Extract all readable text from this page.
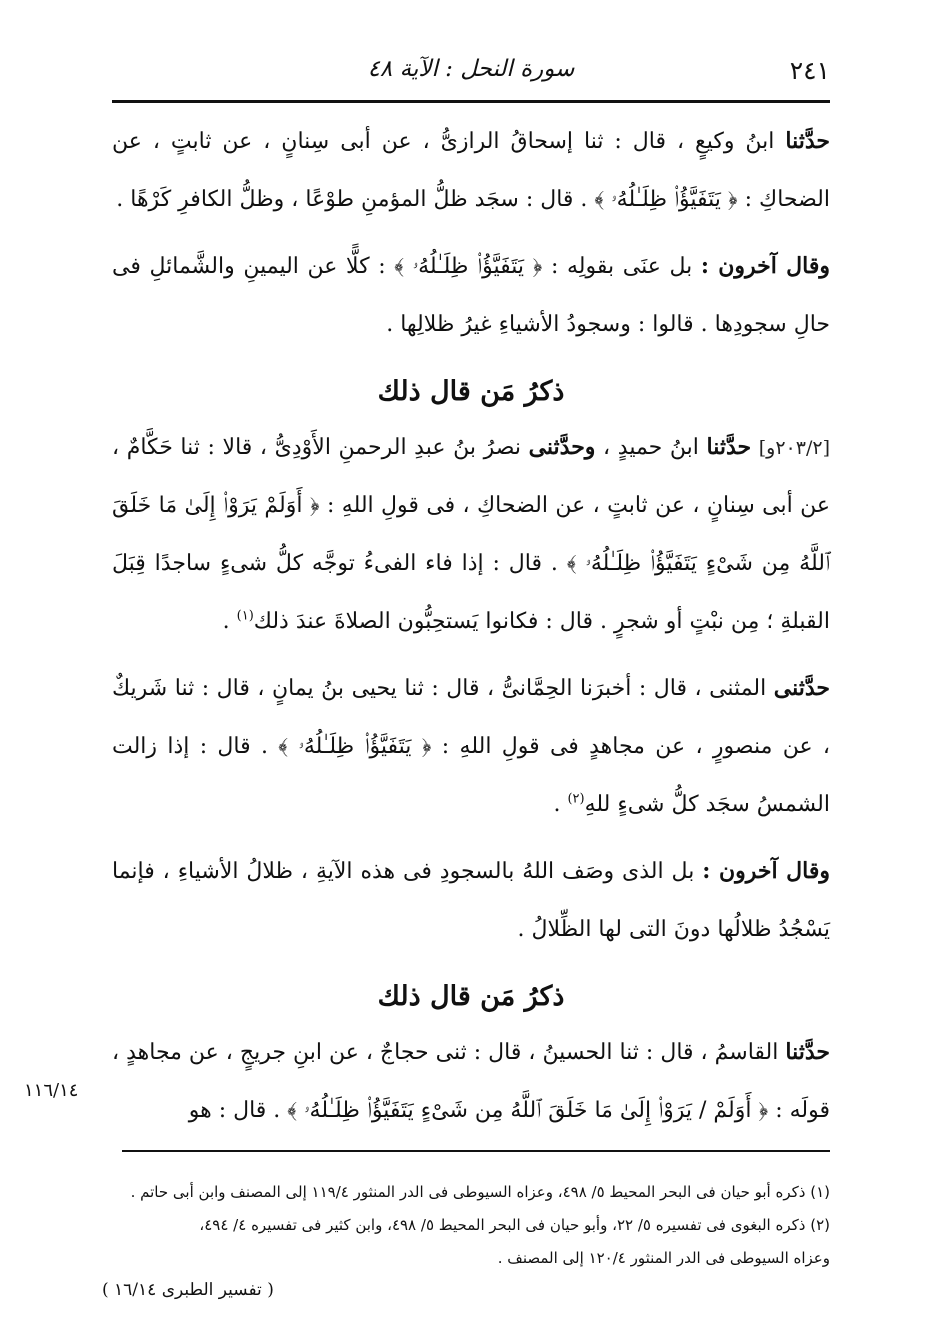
٢٤١
سورة النحل : الآية ٤٨

حدَّثنا ابنُ وكيعٍ ، قال : ثنا إسحاقُ الرازىُّ ، عن أبى سِنانٍ ، عن ثابتٍ ، عن الضحاكِ : ﴿ يَتَفَيَّؤُا۟ ظِلَـٰلُهُۥ ﴾ . قال : سجَد ظلُّ المؤمنِ طوْعًا ، وظلُّ الكافرِ كَرْهًا .

وقال آخرون : بل عنَى بقولِه : ﴿ يَتَفَيَّؤُا۟ ظِلَـٰلُهُۥ ﴾ : كلًّا عن اليمينِ والشَّمائلِ فى حالِ سجودِها . قالوا : وسجودُ الأشياءِ غيرُ ظلالِها .

ذكرُ مَن قال ذلك

[٢٠٣/٢و] حدَّثنا ابنُ حميدٍ ، وحدَّثنى نصرُ بنُ عبدِ الرحمنِ الأَوْدِىُّ ، قالا : ثنا حَكَّامٌ ، عن أبى سِنانٍ ، عن ثابتٍ ، عن الضحاكِ ، فى قولِ اللهِ : ﴿ أَوَلَمْ يَرَوْا۟ إِلَىٰ مَا خَلَقَ ٱللَّهُ مِن شَىْءٍ يَتَفَيَّؤُا۟ ظِلَـٰلُهُۥ ﴾ . قال : إذا فاء الفىءُ توجَّه كلُّ شىءٍ ساجدًا قِبَلَ القبلةِ ؛ مِن نبْتٍ أو شجرٍ . قال : فكانوا يَستحِبُّون الصلاةَ عندَ ذلك$^{(١)}$ .

حدَّثنى المثنى ، قال : أخبرَنا الحِمَّانىُّ ، قال : ثنا يحيى بنُ يمانٍ ، قال : ثنا شَريكٌ ، عن منصورٍ ، عن مجاهدٍ فى قولِ اللهِ : ﴿ يَتَفَيَّؤُا۟ ظِلَـٰلُهُۥ ﴾ . قال : إذا زالت الشمسُ سجَد كلُّ شىءٍ للهِ$^{(٢)}$ .

وقال آخرون : بل الذى وصَف اللهُ بالسجودِ فى هذه الآيةِ ، ظلالُ الأشياءِ ، فإنما يَسْجُدُ ظلالُها دونَ التى لها الظِّلالُ .

ذكرُ مَن قال ذلك

حدَّثنا القاسمُ ، قال : ثنا الحسينُ ، قال : ثنى حجاجٌ ، عن ابنِ جريجٍ ، عن مجاهدٍ ، قولَه : ﴿ أَوَلَمْ / يَرَوْا۟ إِلَىٰ مَا خَلَقَ ٱللَّهُ مِن شَىْءٍ يَتَفَيَّؤُا۟ ظِلَـٰلُهُۥ ﴾ . قال : هو

١١٦/١٤

(١) ذكره أبو حيان فى البحر المحيط ٥/ ٤٩٨، وعزاه السيوطى فى الدر المنثور ١١٩/٤ إلى المصنف وابن أبى حاتم .

(٢) ذكره البغوى فى تفسيره ٥/ ٢٢، وأبو حيان فى البحر المحيط ٥/ ٤٩٨، وابن كثير فى تفسيره ٤/ ٤٩٤،

وعزاه السيوطى فى الدر المنثور ١٢٠/٤ إلى المصنف .

( تفسير الطبرى ١٦/١٤ )
